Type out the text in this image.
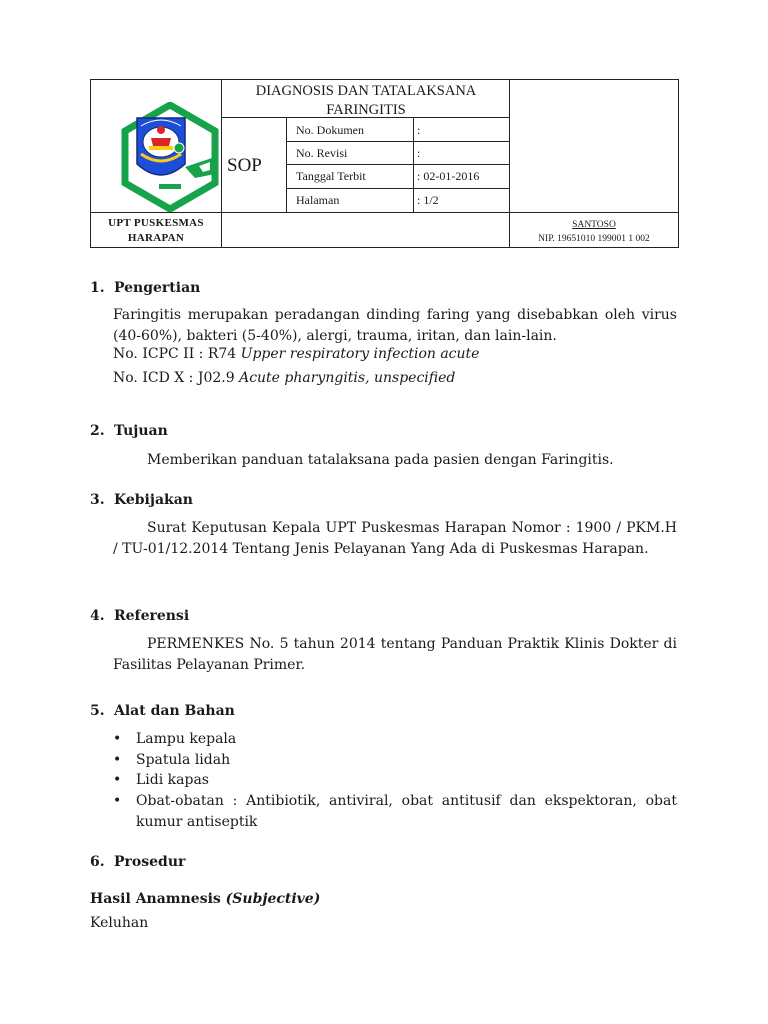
DIAGNOSIS DAN TATALAKSANA
FARINGITIS
SOP
No. Dokumen	:
No. Revisi	:
Tanggal Terbit	: 02-01-2016
Halaman	: 1/2
UPT PUSKESMAS
HARAPAN
SANTOSO
NIP. 19651010 199001 1 002
1. Pengertian
Faringitis merupakan peradangan dinding faring yang disebabkan oleh virus (40-60%), bakteri (5-40%), alergi, trauma, iritan, dan lain-lain.
No. ICPC II : R74 Upper respiratory infection acute
No. ICD X : J02.9 Acute pharyngitis, unspecified
2. Tujuan
Memberikan panduan tatalaksana pada pasien dengan Faringitis.
3. Kebijakan
Surat Keputusan Kepala UPT Puskesmas Harapan Nomor : 1900 / PKM.H / TU-01/12.2014 Tentang Jenis Pelayanan Yang Ada di Puskesmas Harapan.
4. Referensi
PERMENKES No. 5 tahun 2014 tentang Panduan Praktik Klinis Dokter di Fasilitas Pelayanan Primer.
5. Alat dan Bahan
• Lampu kepala
• Spatula lidah
• Lidi kapas
• Obat-obatan : Antibiotik, antiviral, obat antitusif dan ekspektoran, obat kumur antiseptik
6. Prosedur
Hasil Anamnesis (Subjective)
Keluhan
